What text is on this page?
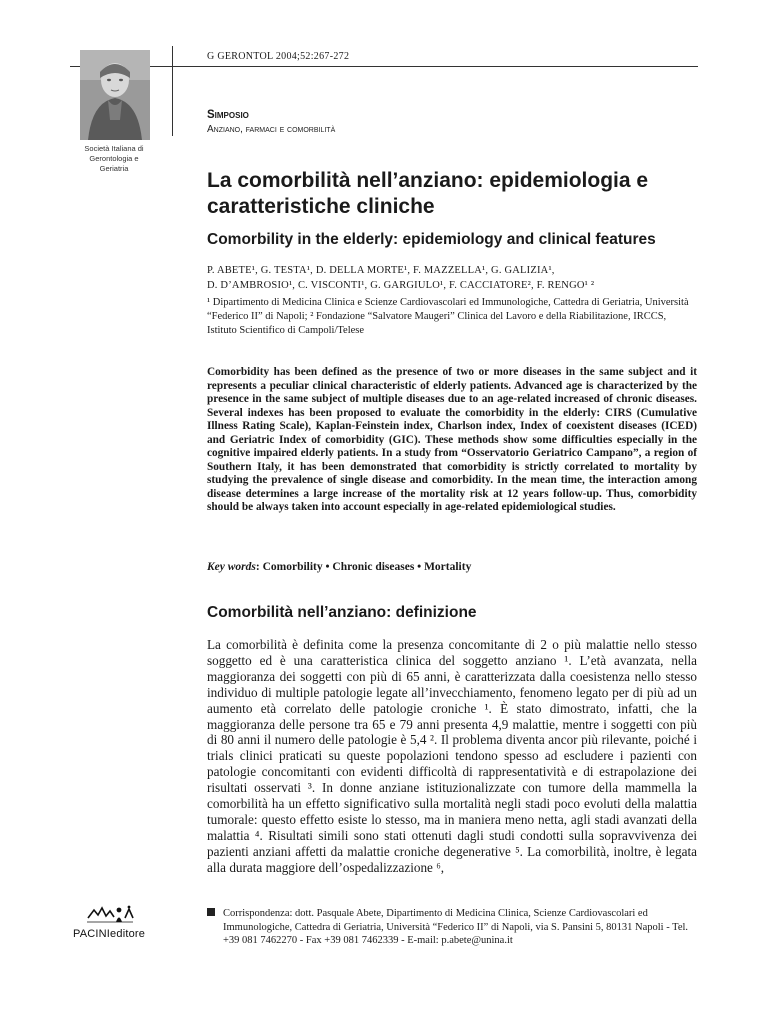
G GERONTOL 2004;52:267-272
Società Italiana di Gerontologia e Geriatria
Simposio
Anziano, farmaci e comorbilità
La comorbilità nell’anziano: epidemiologia e caratteristiche cliniche
Comorbility in the elderly: epidemiology and clinical features
P. ABETE¹, G. TESTA¹, D. DELLA MORTE¹, F. MAZZELLA¹, G. GALIZIA¹,
D. D’AMBROSIO¹, C. VISCONTI¹, G. GARGIULO¹, F. CACCIATORE², F. RENGO¹ ²
¹ Dipartimento di Medicina Clinica e Scienze Cardiovascolari ed Immunologiche, Cattedra di Geriatria, Università “Federico II” di Napoli; ² Fondazione “Salvatore Maugeri” Clinica del Lavoro e della Riabilitazione, IRCCS, Istituto Scientifico di Campoli/Telese
Comorbidity has been defined as the presence of two or more diseases in the same subject and it represents a peculiar clinical characteristic of elderly patients. Advanced age is characterized by the presence in the same subject of multiple diseases due to an age-related increased of chronic diseases. Several indexes has been proposed to evaluate the comorbidity in the elderly: CIRS (Cumulative Illness Rating Scale), Kaplan-Feinstein index, Charlson index, Index of coexistent diseases (ICED) and Geriatric Index of comorbidity (GIC). These methods show some difficulties especially in the cognitive impaired elderly patients. In a study from “Osservatorio Geriatrico Campano”, a region of Southern Italy, it has been demonstrated that comorbidity is strictly correlated to mortality by studying the prevalence of single disease and comorbidity. In the mean time, the interaction among disease determines a large increase of the mortality risk at 12 years follow-up. Thus, comorbidity should be always taken into account especially in age-related epidemiological studies.
Key words: Comorbility • Chronic diseases • Mortality
Comorbilità nell’anziano: definizione
La comorbilità è definita come la presenza concomitante di 2 o più malattie nello stesso soggetto ed è una caratteristica clinica del soggetto anziano ¹. L’età avanzata, nella maggioranza dei soggetti con più di 65 anni, è caratterizzata dalla coesistenza nello stesso individuo di multiple patologie legate all’invecchiamento, fenomeno legato per di più ad un aumento età correlato delle patologie croniche ¹. È stato dimostrato, infatti, che la maggioranza delle persone tra 65 e 79 anni presenta 4,9 malattie, mentre i soggetti con più di 80 anni il numero delle patologie è 5,4 ². Il problema diventa ancor più rilevante, poiché i trials clinici praticati su queste popolazioni tendono spesso ad escludere i pazienti con patologie concomitanti con evidenti difficoltà di rappresentatività e di estrapolazione dei risultati osservati ³. In donne anziane istituzionalizzate con tumore della mammella la comorbilità ha un effetto significativo sulla mortalità negli stadi poco evoluti della malattia tumorale: questo effetto esiste lo stesso, ma in maniera meno netta, agli stadi avanzati della malattia ⁴. Risultati simili sono stati ottenuti dagli studi condotti sulla sopravvivenza dei pazienti anziani affetti da malattie croniche degenerative ⁵. La comorbilità, inoltre, è legata alla durata maggiore dell’ospedalizzazione ⁶,
PACINIeditore
Corrispondenza: dott. Pasquale Abete, Dipartimento di Medicina Clinica, Scienze Cardiovascolari ed Immunologiche, Cattedra di Geriatria, Università “Federico II” di Napoli, via S. Pansini 5, 80131 Napoli - Tel. +39 081 7462270 - Fax +39 081 7462339 - E-mail: p.abete@unina.it
